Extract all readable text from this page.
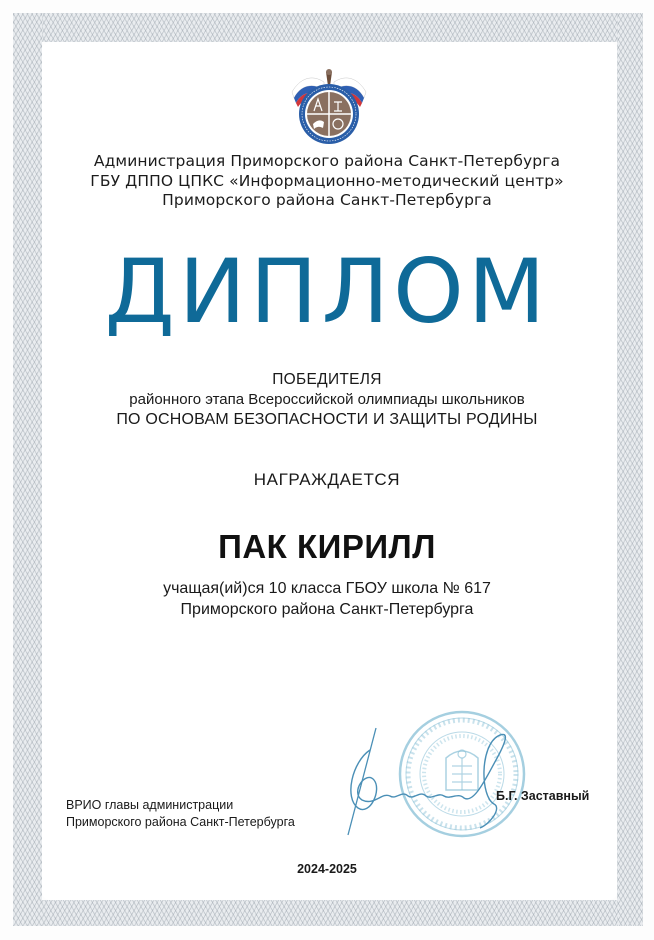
Администрация Приморского района Санкт-Петербурга
ГБУ ДППО ЦПКС «Информационно-методический центр»
Приморского района Санкт-Петербурга
ДИПЛОМ
ПОБЕДИТЕЛЯ
районного этапа Всероссийской олимпиады школьников
ПО ОСНОВАМ БЕЗОПАСНОСТИ И ЗАЩИТЫ РОДИНЫ
НАГРАЖДАЕТСЯ
ПАК КИРИЛЛ
учащая(ий)ся 10 класса ГБОУ школа № 617
Приморского района Санкт-Петербурга
ВРИО главы администрации
Приморского района Санкт-Петербурга
Б.Г. Заставный
2024-2025
